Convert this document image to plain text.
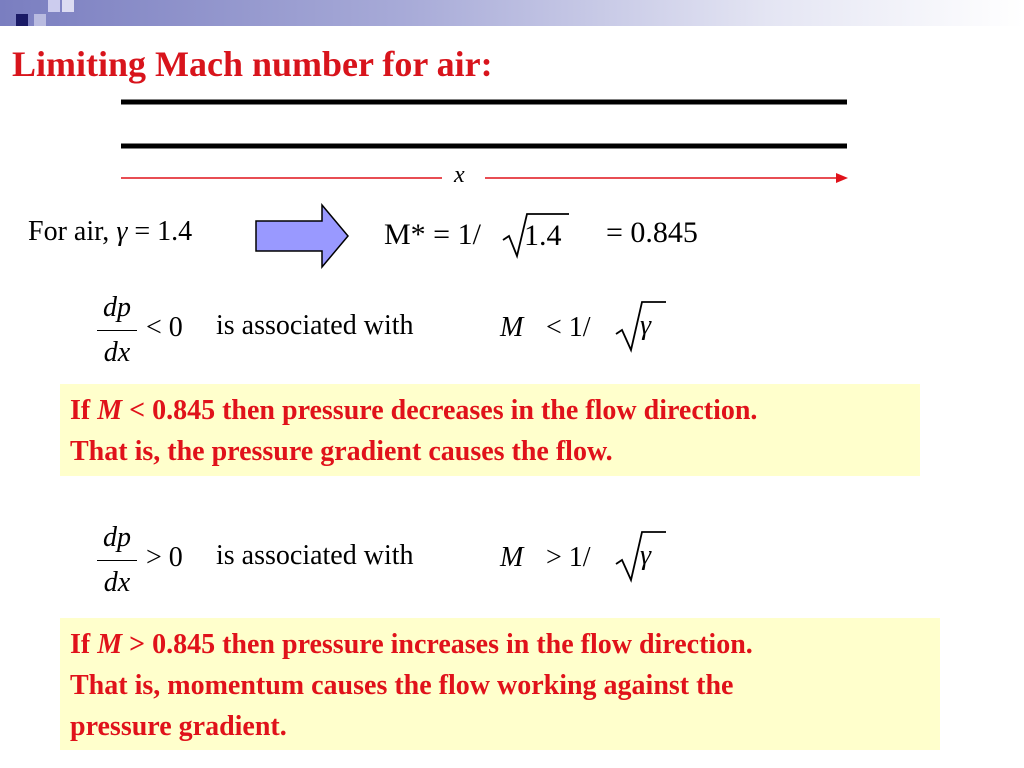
Limiting Mach number for air:
x
For air, γ = 1.4	M* = 1/ 1.4 = 0.845
$\frac{dp}{dx} < 0$ is associated with	M < 1/ γ
If M < 0.845 then pressure decreases in the flow direction.
That is, the pressure gradient causes the flow.
$\frac{dp}{dx} > 0$ is associated with	M > 1/ γ
If M > 0.845 then pressure increases in the flow direction.
That is, momentum causes the flow working against the
pressure gradient.
